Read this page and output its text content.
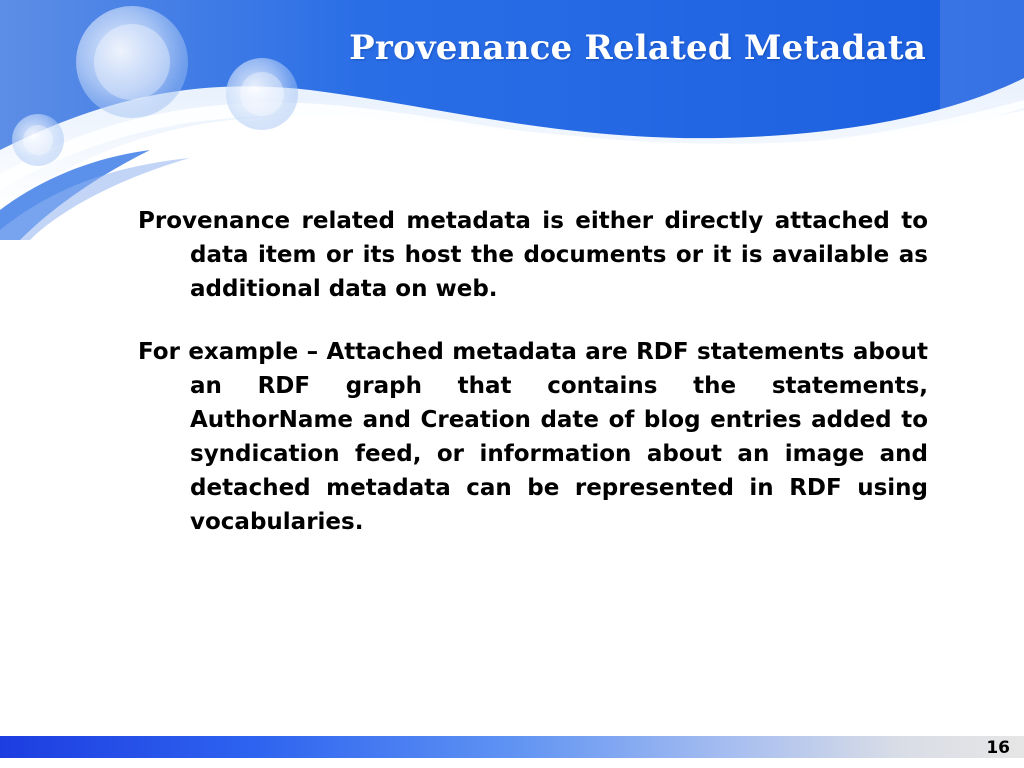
Provenance Related Metadata

Provenance related metadata is either directly attached to data item or its host the documents or it is available as additional data on web.

For example – Attached metadata are RDF statements about an RDF graph that contains the statements, AuthorName and Creation date of blog entries added to syndication feed, or information about an image and detached metadata can be represented in RDF using vocabularies.

16
